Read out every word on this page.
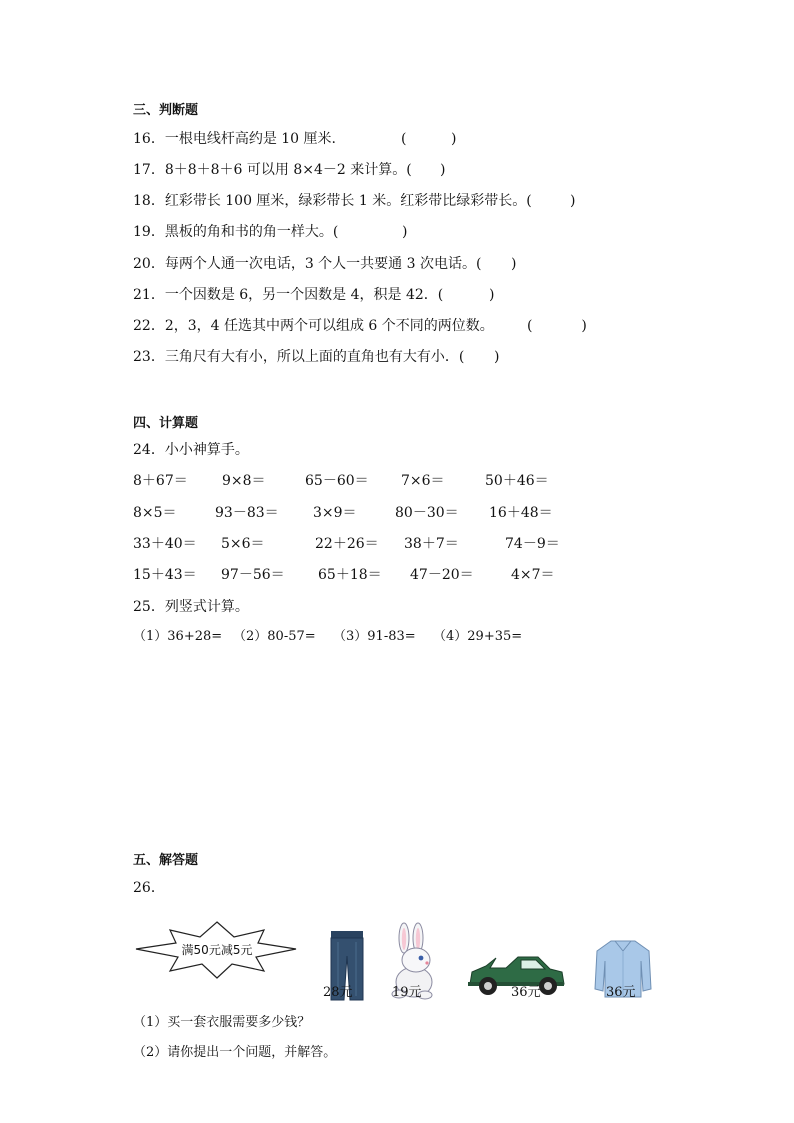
三、判断题
16．一根电线杆高约是 10 厘米.	(          )
17．8＋8＋8＋6 可以用 8×4－2 来计算。( )
18．红彩带长 100 厘米，绿彩带长 1 米。红彩带比绿彩带长。(	)
19．黑板的角和书的角一样大。(	)
20．每两个人通一次电话，3 个人一共要通 3 次电话。( )
21．一个因数是 6，另一个因数是 4，积是 42．(	)
22．2，3，4 任选其中两个可以组成 6 个不同的两位数。 (           )
23．三角尺有大有小，所以上面的直角也有大有小．( )
四、计算题
24．小小神算手。
8＋67＝ 9×8＝	65－60＝ 7×6＝	50＋46＝
8×5＝	93－83＝ 3×9＝	80－30＝ 16＋48＝
33＋40＝ 5×6＝	22＋26＝ 38＋7＝	74－9＝
15＋43＝ 97－56＝ 65＋18＝ 47－20＝	4×7＝
25．列竖式计算。
（1）36+28= （2）80-57= （3）91-83= （4）29+35=
五、解答题
26．

满50元减5元

28元	19元	36元	36元
（1）买一套衣服需要多少钱？
（2）请你提出一个问题，并解答。
